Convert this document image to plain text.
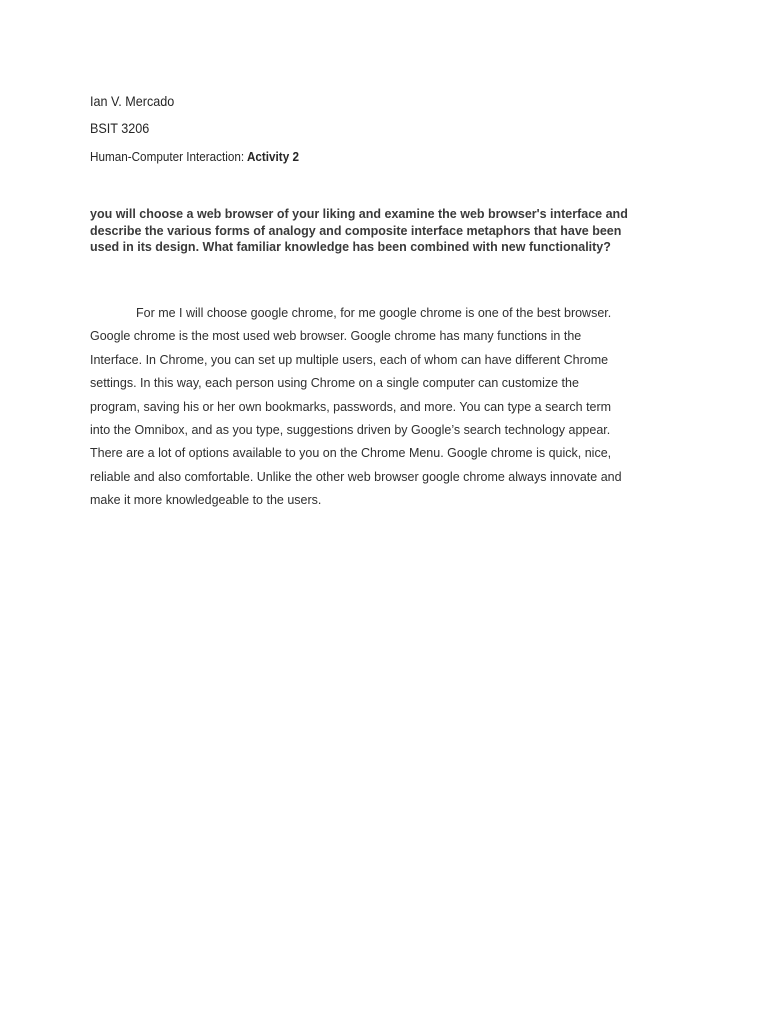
Ian V. Mercado
BSIT 3206
Human-Computer Interaction: Activity 2
you will choose a web browser of your liking and examine the web browser's interface and
describe the various forms of analogy and composite interface metaphors that have been
used in its design. What familiar knowledge has been combined with new functionality?
For me I will choose google chrome, for me google chrome is one of the best browser.
Google chrome is the most used web browser. Google chrome has many functions in the
Interface. In Chrome, you can set up multiple users, each of whom can have different Chrome
settings. In this way, each person using Chrome on a single computer can customize the
program, saving his or her own bookmarks, passwords, and more. You can type a search term
into the Omnibox, and as you type, suggestions driven by Google’s search technology appear.
There are a lot of options available to you on the Chrome Menu. Google chrome is quick, nice,
reliable and also comfortable. Unlike the other web browser google chrome always innovate and
make it more knowledgeable to the users.
